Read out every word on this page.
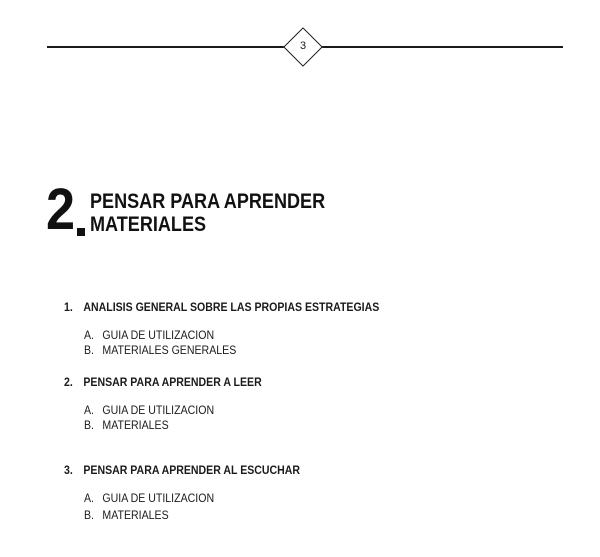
3
2 PENSAR PARA APRENDER
MATERIALES
1. ANALISIS GENERAL SOBRE LAS PROPIAS ESTRATEGIAS
A. GUIA DE UTILIZACION
B. MATERIALES GENERALES
2. PENSAR PARA APRENDER A LEER
A. GUIA DE UTILIZACION
B. MATERIALES
3. PENSAR PARA APRENDER AL ESCUCHAR
A. GUIA DE UTILIZACION
B. MATERIALES
